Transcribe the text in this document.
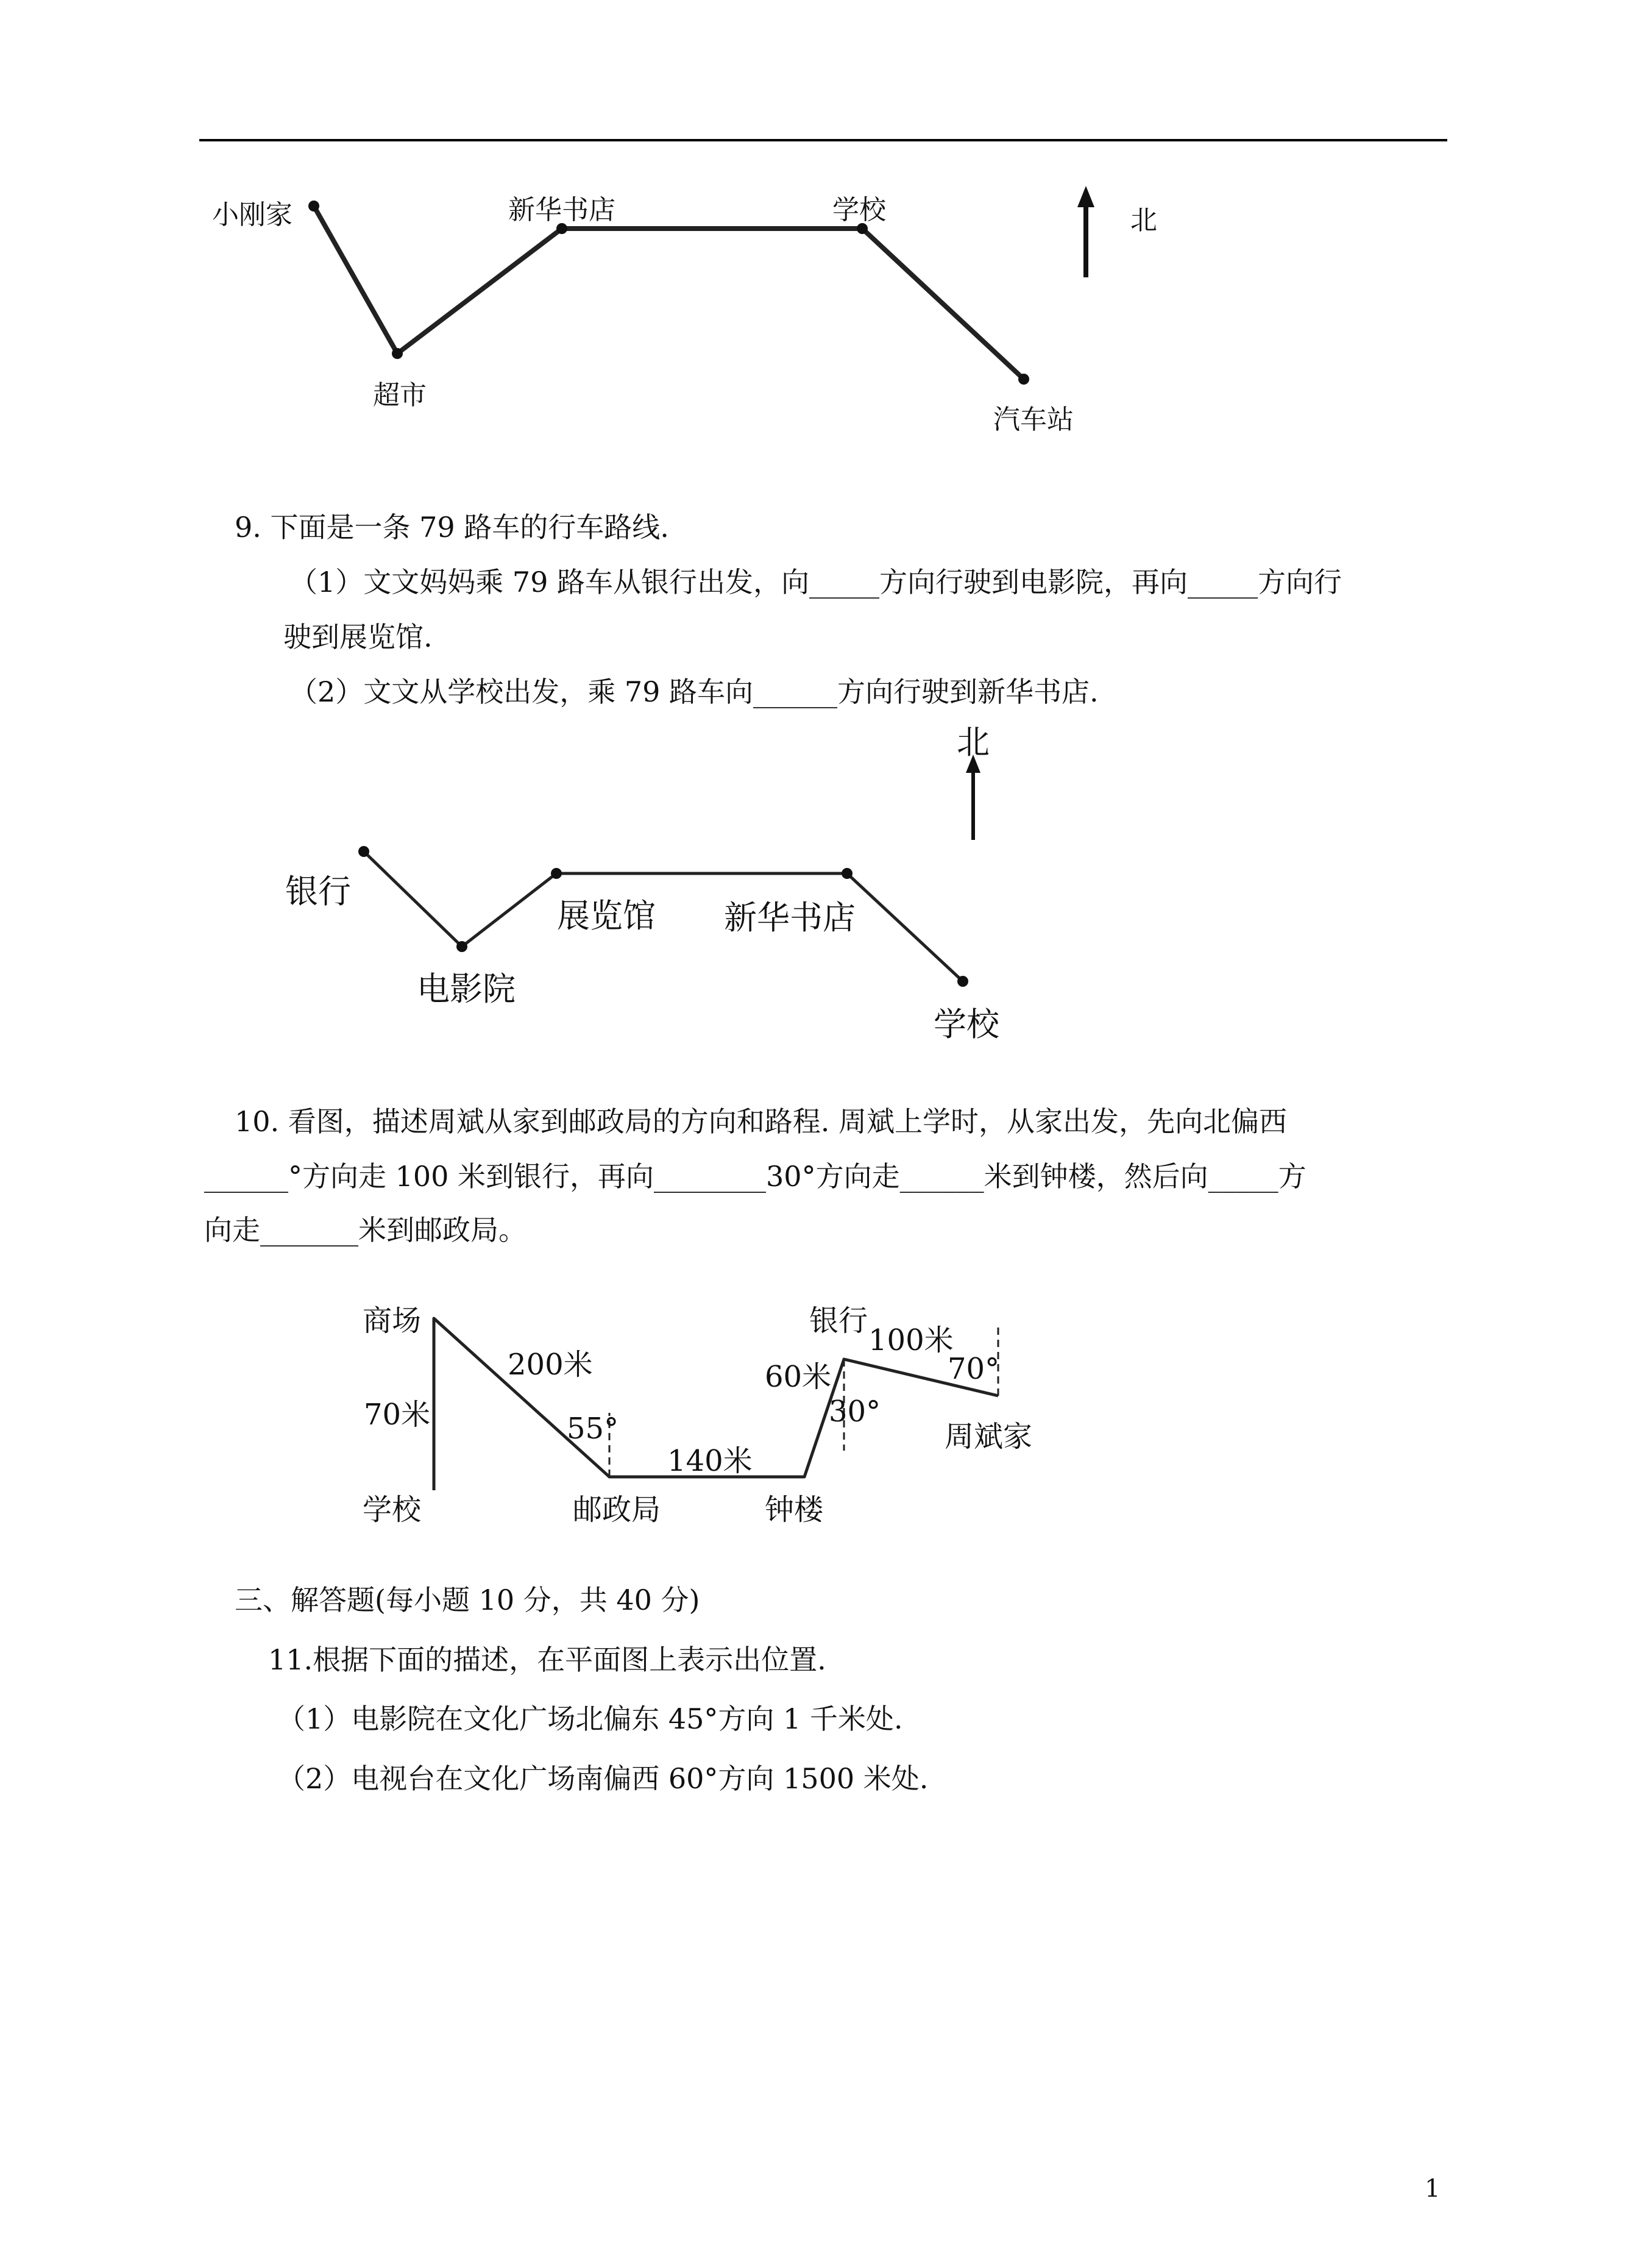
小刚家
超市
新华书店	学校
汽车站
北
9. 下面是一条 79 路车的行车路线.
（1）文文妈妈乘 79 路车从银行出发，向_____方向行驶到电影院，再向_____方向行
驶到展览馆.
（2）文文从学校出发，乘 79 路车向______方向行驶到新华书店.
北
银行
电影院
展览馆 新华书店
学校
10. 看图，描述周斌从家到邮政局的方向和路程. 周斌上学时，从家出发，先向北偏西
______°方向走 100 米到银行，再向________30°方向走______米到钟楼，然后向_____方
向走_______米到邮政局。
商场
200米
70米
学校
55°
邮政局
140米
钟楼
60米
银行
100米
70°
30°
周斌家
三、解答题(每小题 10 分，共 40 分)
11.根据下面的描述，在平面图上表示出位置.
（1）电影院在文化广场北偏东 45°方向 1 千米处.
（2）电视台在文化广场南偏西 60°方向 1500 米处.
1
